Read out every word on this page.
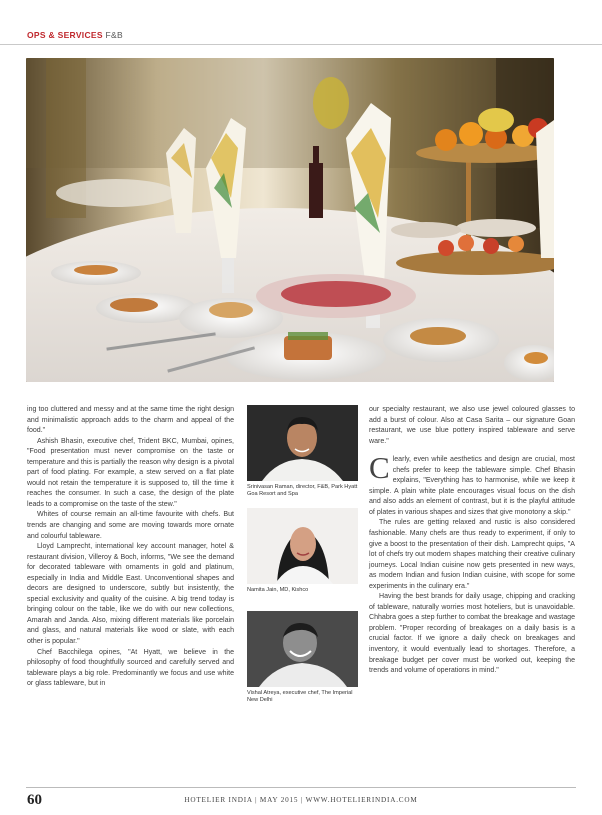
OPS & SERVICES F&B

ing too cluttered and messy and at the same time the right design and minimalistic approach adds to the charm and appeal of the food."

Ashish Bhasin, executive chef, Trident BKC, Mumbai, opines, "Food presentation must never compromise on the taste or temperature and this is partially the reason why design is a pivotal part of food plating. For example, a stew served on a flat plate would not retain the temperature it is supposed to, till the time it reaches the consumer. In such a case, the design of the plate leads to a compromise on the taste of the stew."

Whites of course remain an all-time favourite with chefs. But trends are changing and some are moving towards more ornate and colourful tableware.

Lloyd Lamprecht, international key account manager, hotel & restaurant division, Villeroy & Boch, informs, "We see the demand for decorated tableware with ornaments in gold and platinum, especially in India and Middle East. Unconventional shapes and decors are designed to underscore, subtly but insistently, the special exclusivity and quality of the cuisine. A big trend today is bringing colour on the table, like we do with our new collections, Amarah and Janda. Also, mixing different materials like porcelain and glass, and natural materials like wood or slate, with each other is popular."

Chef Bacchilega opines, "At Hyatt, we believe in the philosophy of food thoughtfully sourced and carefully served and tableware plays a big role. Predominantly we focus and use white or glass tableware, but in

Srinivasan Raman, director, F&B, Park Hyatt Goa Resort and Spa

Namita Jain, MD, Kishco

Vishal Atreya, executive chef, The Imperial New Delhi

our specialty restaurant, we also use jewel coloured glasses to add a burst of colour. Also at Casa Sarita – our signature Goan restaurant, we use blue pottery inspired tableware and serve ware."

Clearly, even while aesthetics and design are crucial, most chefs prefer to keep the tableware simple. Chef Bhasin explains, "Everything has to harmonise, while we keep it simple. A plain white plate encourages visual focus on the dish and also adds an element of contrast, but it is the playful attitude of plates in various shapes and sizes that give monotony a skip."

The rules are getting relaxed and rustic is also considered fashionable. Many chefs are thus ready to experiment, if only to give a boost to the presentation of their dish. Lamprecht quips, "A lot of chefs try out modern shapes matching their creative culinary journeys. Local Indian cuisine now gets presented in new ways, as modern Indian and fusion Indian cuisine, with scope for some experiments in the culinary era."

Having the best brands for daily usage, chipping and cracking of tableware, naturally worries most hoteliers, but is unavoidable. Chhabra goes a step further to combat the breakage and wastage problem. "Proper recording of breakages on a daily basis is a crucial factor. If we ignore a daily check on breakages and inventory, it would eventually lead to shortages. Therefore, a breakage budget per cover must be worked out, keeping the trends and volume of operations in mind."

60	HOTELIER INDIA | MAY 2015 | WWW.HOTELIERINDIA.COM
